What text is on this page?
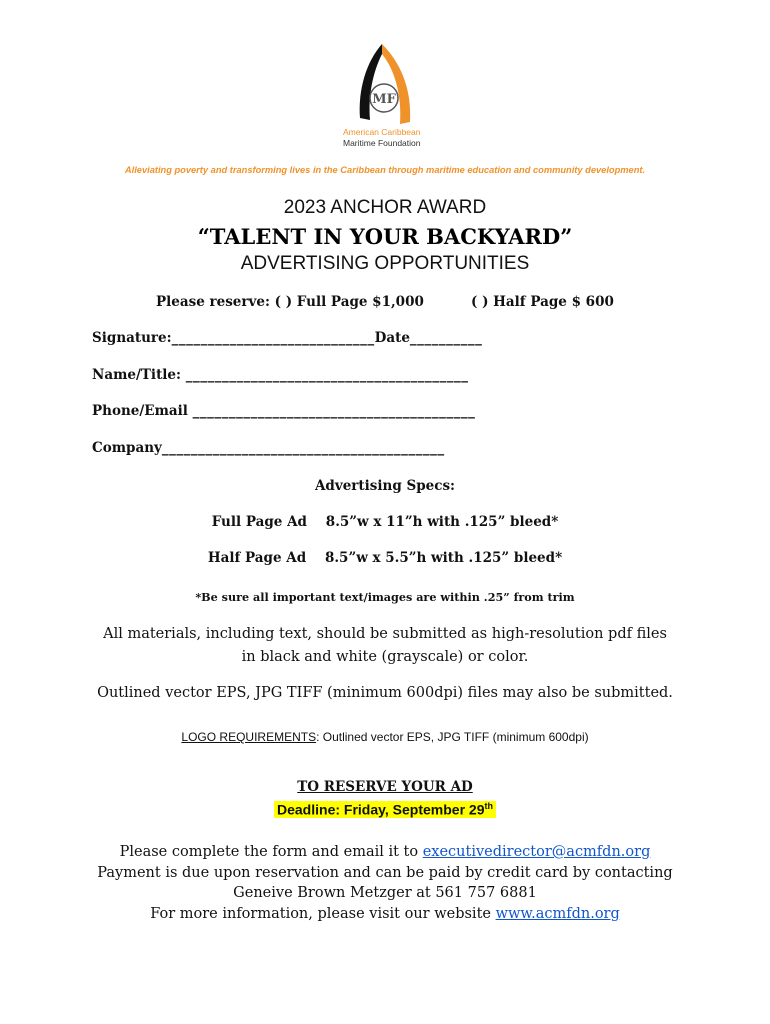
MF
American Caribbean
Maritime Foundation
Alleviating poverty and transforming lives in the Caribbean through maritime education and community development.
2023 ANCHOR AWARD
“TALENT IN YOUR BACKYARD”
ADVERTISING OPPORTUNITIES
Please reserve: ( ) Full Page $1,000	( ) Half Page $ 600
Signature:____________________________Date__________
Name/Title: _______________________________________
Phone/Email _______________________________________
Company_______________________________________
Advertising Specs:
Full Page Ad    8.5”w x 11”h with .125” bleed*
Half Page Ad    8.5”w x 5.5”h with .125” bleed*
*Be sure all important text/images are within .25” from trim
All materials, including text, should be submitted as high-resolution pdf files in black and white (grayscale) or color.
Outlined vector EPS, JPG TIFF (minimum 600dpi) files may also be submitted.
LOGO REQUIREMENTS: Outlined vector EPS, JPG TIFF (minimum 600dpi)
TO RESERVE YOUR AD
Deadline: Friday, September 29th
Please complete the form and email it to executivedirector@acmfdn.org
Payment is due upon reservation and can be paid by credit card by contacting
Geneive Brown Metzger at 561 757 6881
For more information, please visit our website www.acmfdn.org
